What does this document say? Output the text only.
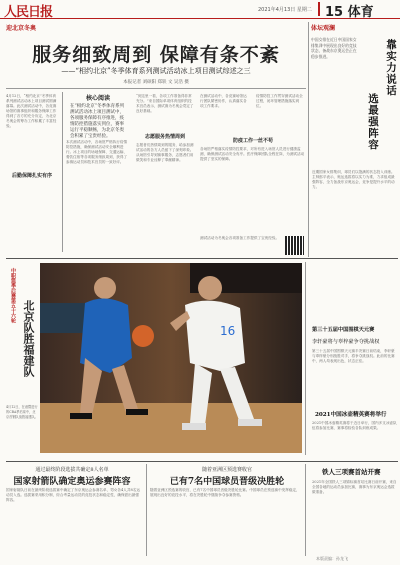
人民日报	2021年4月13日 星期二 15 体育
迎北京冬奥
服务细致周到 保障有条不紊
——“相约北京”冬季体育系列测试活动冰上项目测试综述之三
本报记者 刘硕阳 郑轶 文 吴浩 摄
4月12日，“相约北京”冬季体育系列测试活动冰上项目测试圆满落幕。此次测试活动中，各竞赛场馆的赛事组织和服务保障工作得到了各方的充分肯定，为北京冬奥会的筹办工作积累了丰富经验。
后勤保障扎实有序
核心阅读
在“相约北京”冬季体育系列测试活动冰上项目测试中，各项服务保障有序推进，疫情防控措施落实到位，赛事运行平稳顺畅，为北京冬奥会积累了宝贵经验。
本次测试活动中，各场馆严格执行疫情防控措施，确保测试活动安全顺利进行。冰上项目的场地保障、交通运输、餐饮住宿等各项服务细致周到，获得了参赛运动员和技术官员的一致好评。
“到这里一看，各项工作准备得非常充分。”来自国际单项体育组织的技术官员表示，测试赛为冬奥会奠定了良好基础。
志愿服务热情周到
志愿者们热情周到的服务，给参加测试活动的各方人员留下了深刻印象。从场馆引导到赛事服务，志愿者们用微笑和专业诠释了奉献精神。
在测试活动中，各竞赛场馆运行团队紧密协作，认真落实各项工作要求。
疫情防控工作贯穿测试活动全过程，闭环管理措施落实到位。
防疫工作一丝不苟
各场馆严格落实疫情防控要求，对所有进入场馆人员进行健康监测，确保测试活动安全有序。医疗保障团队全程在岗，为测试活动提供了坚实的保障。
测试活动为冬奥会各项准备工作提供了宝贵经验。
体坛观澜
中国女排在近日中国国家女排集训中展现出良好的竞技状态，备战东京奥运会正在稳步推进。	靠实力说话
选最强阵容
近期国家女排集训，球员们以饱满的状态投入训练。主帅郎平表示，奥运选拔将以实力为准，力求组成最强阵容，全力备战东京奥运会，竞争是提升水平的动力。
中职篮季后赛第五十六轮
北京队胜福建队
4月12日，在诸暨进行的CBA季后赛中，北京首钢队战胜福建队。
16	第三十五届中国围棋天元赛
李轩豪将与辜梓豪争夺挑战权
第三十五届中国围棋天元赛半决赛日前结束，李轩豪与辜梓豪分别战胜对手，将争夺挑战权。此前的比赛中，两人均表现出色，状态正佳。
2021中国冰壶精英赛将举行
2021中国冰壶精英赛将于近日举行，国内多支冰壶队伍将参加比赛，赛事将检验各队训练成果。
通过最终阶段选拔共确定8人名单
国家射箭队确定奥运参赛阵容
国家射箭队日前在最终阶段选拔赛中确定了东京奥运会参赛名单，男女各4人共8名运动员入选。选拔赛采用积分制，综合考量运动员的竞技状态和稳定性，确保派出最强阵容。
随着亚洲区预选赛收官
已有7名中国球员晋级决胜轮
随着亚洲区预选赛的收官，已有7名中国球员晋级决胜轮比赛。中国球员在预选赛中发挥稳定，展现出良好的竞技水平，将在决胜轮中继续争夺参赛资格。
铁人三项赛首站开赛
2021年全国铁人三项锦标赛首站比赛日前开赛，来自全国各地的运动员参加比赛，赛事为东京奥运会选拔做准备。
本版责编：孙龙飞
